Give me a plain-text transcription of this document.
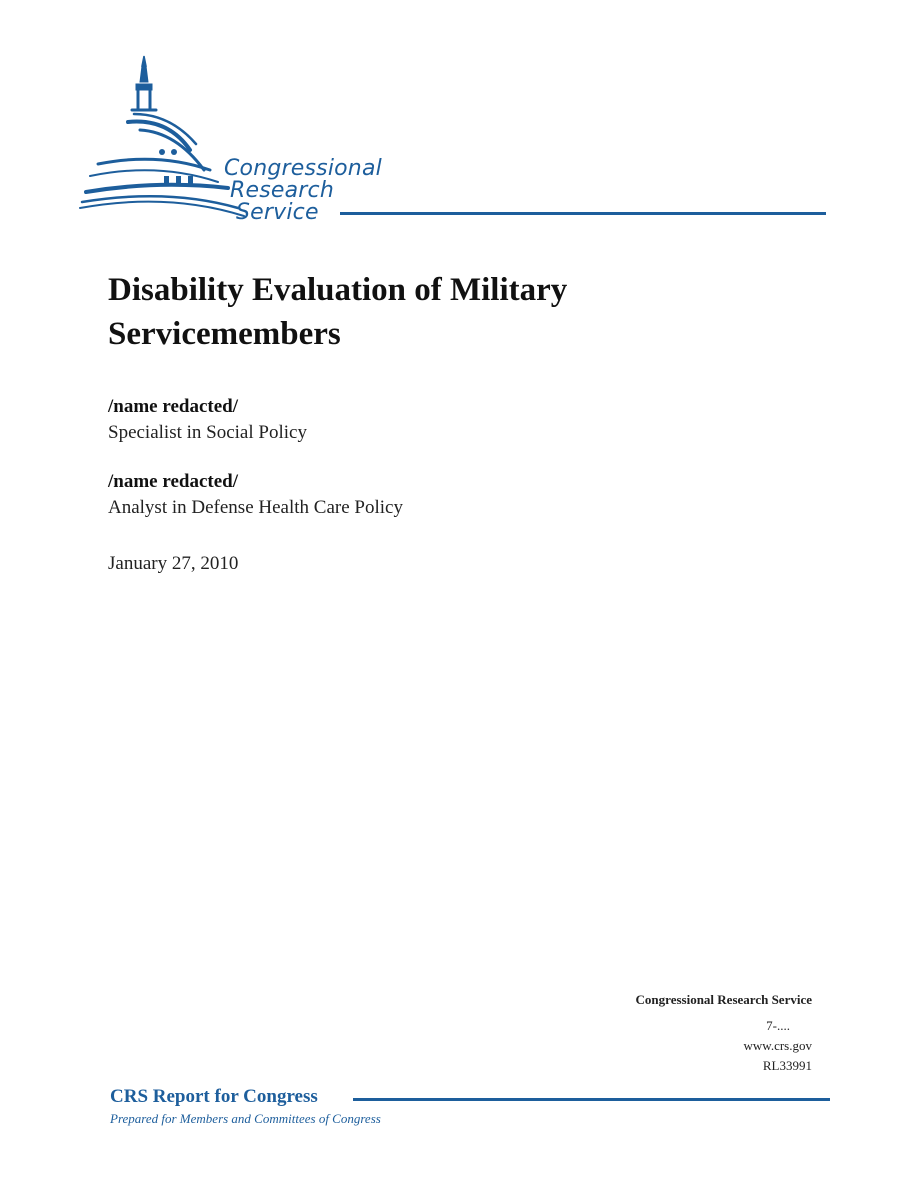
Congressional
Research
Service
Disability Evaluation of Military
Servicemembers
/name redacted/
Specialist in Social Policy
/name redacted/
Analyst in Defense Health Care Policy
January 27, 2010
Congressional Research Service
7-....
www.crs.gov
RL33991
CRS Report for Congress
Prepared for Members and Committees of Congress
